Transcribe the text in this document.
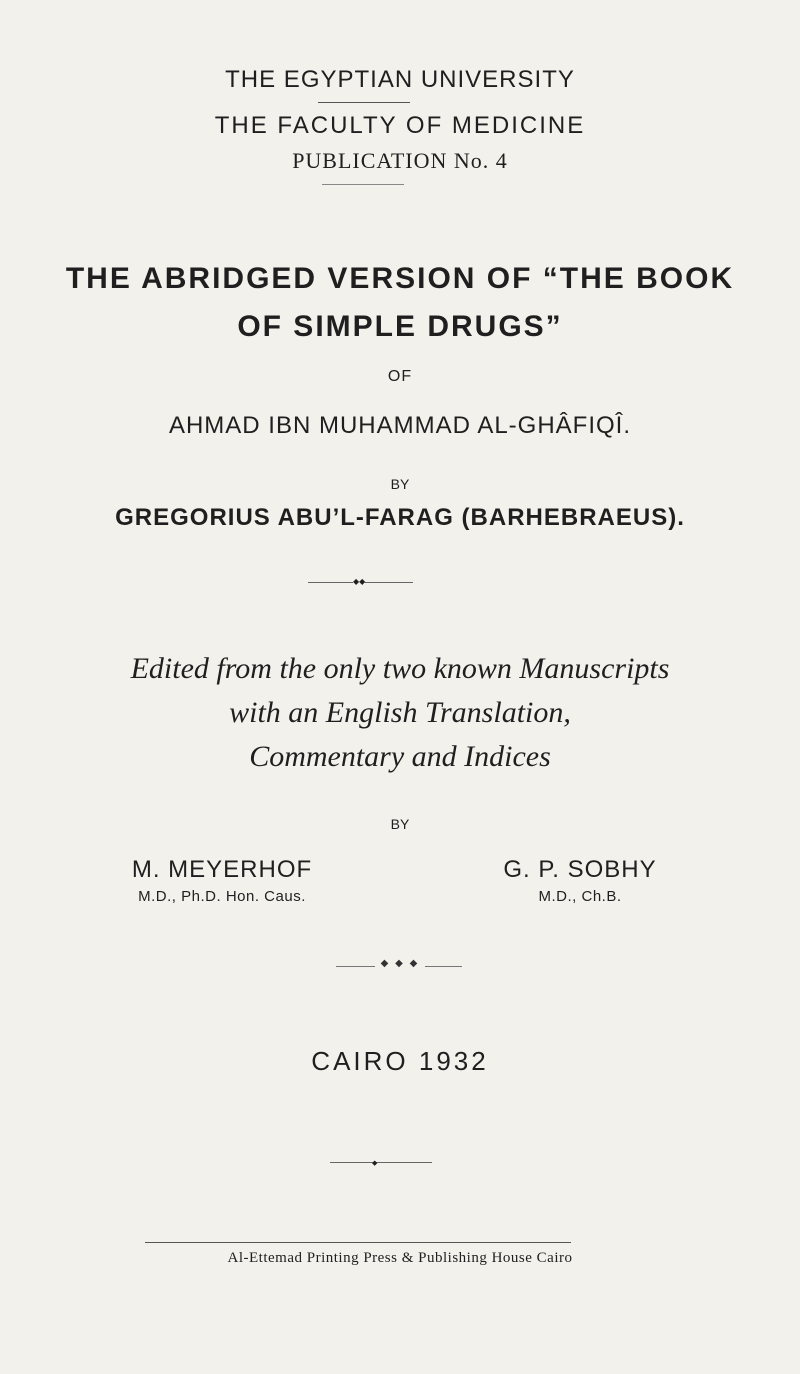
THE EGYPTIAN UNIVERSITY
THE FACULTY OF MEDICINE
PUBLICATION No. 4
THE ABRIDGED VERSION OF “THE BOOK
OF SIMPLE DRUGS”
OF
AHMAD IBN MUHAMMAD AL-GHÂFIQÎ.
BY
GREGORIUS ABU’L-FARAG (BARHEBRAEUS).
◆◆
Edited from the only two known Manuscripts
with an English Translation,
Commentary and Indices
BY
M. MEYERHOF
M.D., Ph.D. Hon. Caus.
G. P. SOBHY
M.D., Ch.B.
◆ ◆ ◆
CAIRO 1932
◆
Al-Ettemad Printing Press & Publishing House Cairo
